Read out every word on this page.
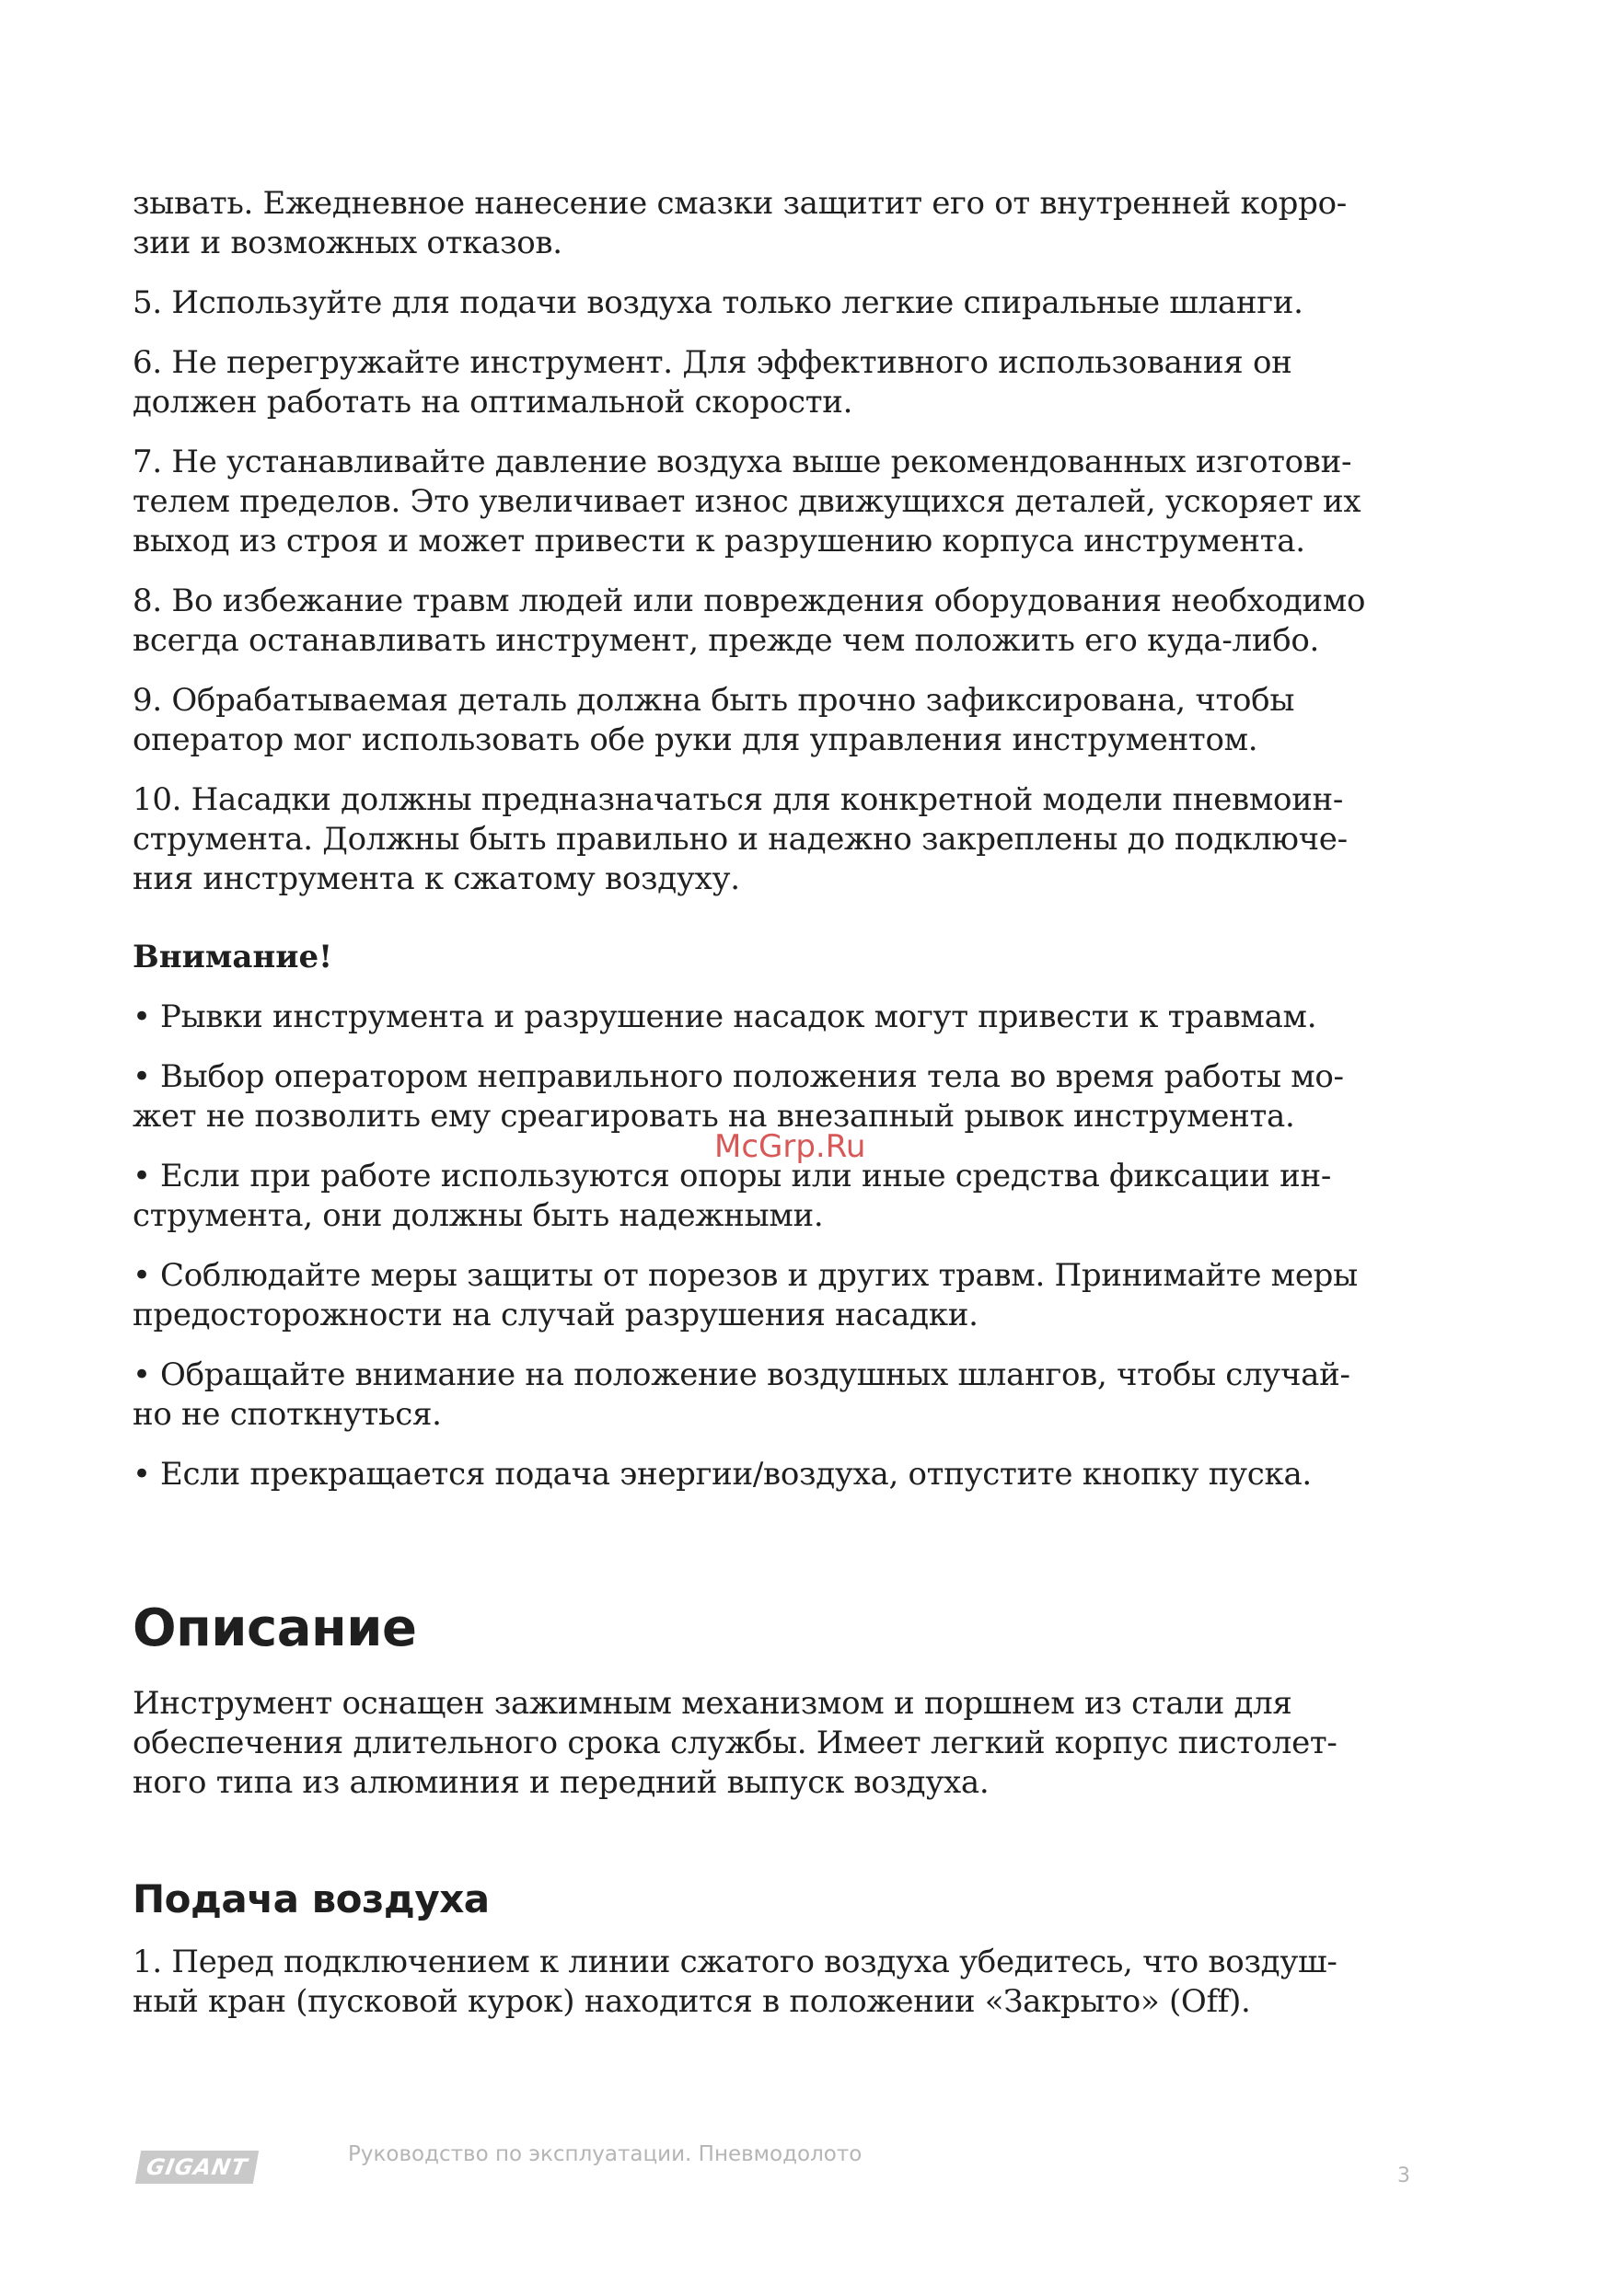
зывать. Ежедневное нанесение смазки защитит его от внутренней корро-
зии и возможных отказов.

5. Используйте для подачи воздуха только легкие спиральные шланги.

6. Не перегружайте инструмент. Для эффективного использования он
должен работать на оптимальной скорости.

7. Не устанавливайте давление воздуха выше рекомендованных изготови-
телем пределов. Это увеличивает износ движущихся деталей, ускоряет их
выход из строя и может привести к разрушению корпуса инструмента.

8. Во избежание травм людей или повреждения оборудования необходимо
всегда останавливать инструмент, прежде чем положить его куда-либо.

9. Обрабатываемая деталь должна быть прочно зафиксирована, чтобы
оператор мог использовать обе руки для управления инструментом.

10. Насадки должны предназначаться для конкретной модели пневмоин-
струмента. Должны быть правильно и надежно закреплены до подключе-
ния инструмента к сжатому воздуху.

Внимание!
• Рывки инструмента и разрушение насадок могут привести к травмам.
• Выбор оператором неправильного положения тела во время работы мо-
жет не позволить ему среагировать на внезапный рывок инструмента.
• Если при работе используются опоры или иные средства фиксации ин-
струмента, они должны быть надежными.
• Соблюдайте меры защиты от порезов и других травм. Принимайте меры
предосторожности на случай разрушения насадки.
• Обращайте внимание на положение воздушных шлангов, чтобы случай-
но не споткнуться.
• Если прекращается подача энергии/воздуха, отпустите кнопку пуска.
Описание

Инструмент оснащен зажимным механизмом и поршнем из стали для
обеспечения длительного срока службы. Имеет легкий корпус пистолет-
ного типа из алюминия и передний выпуск воздуха.

Подача воздуха

1. Перед подключением к линии сжатого воздуха убедитесь, что воздуш-
ный кран (пусковой курок) находится в положении «Закрыто» (Off).

McGrp.Ru
GIGANT	Руководство по эксплуатации. Пневмодолото
3
